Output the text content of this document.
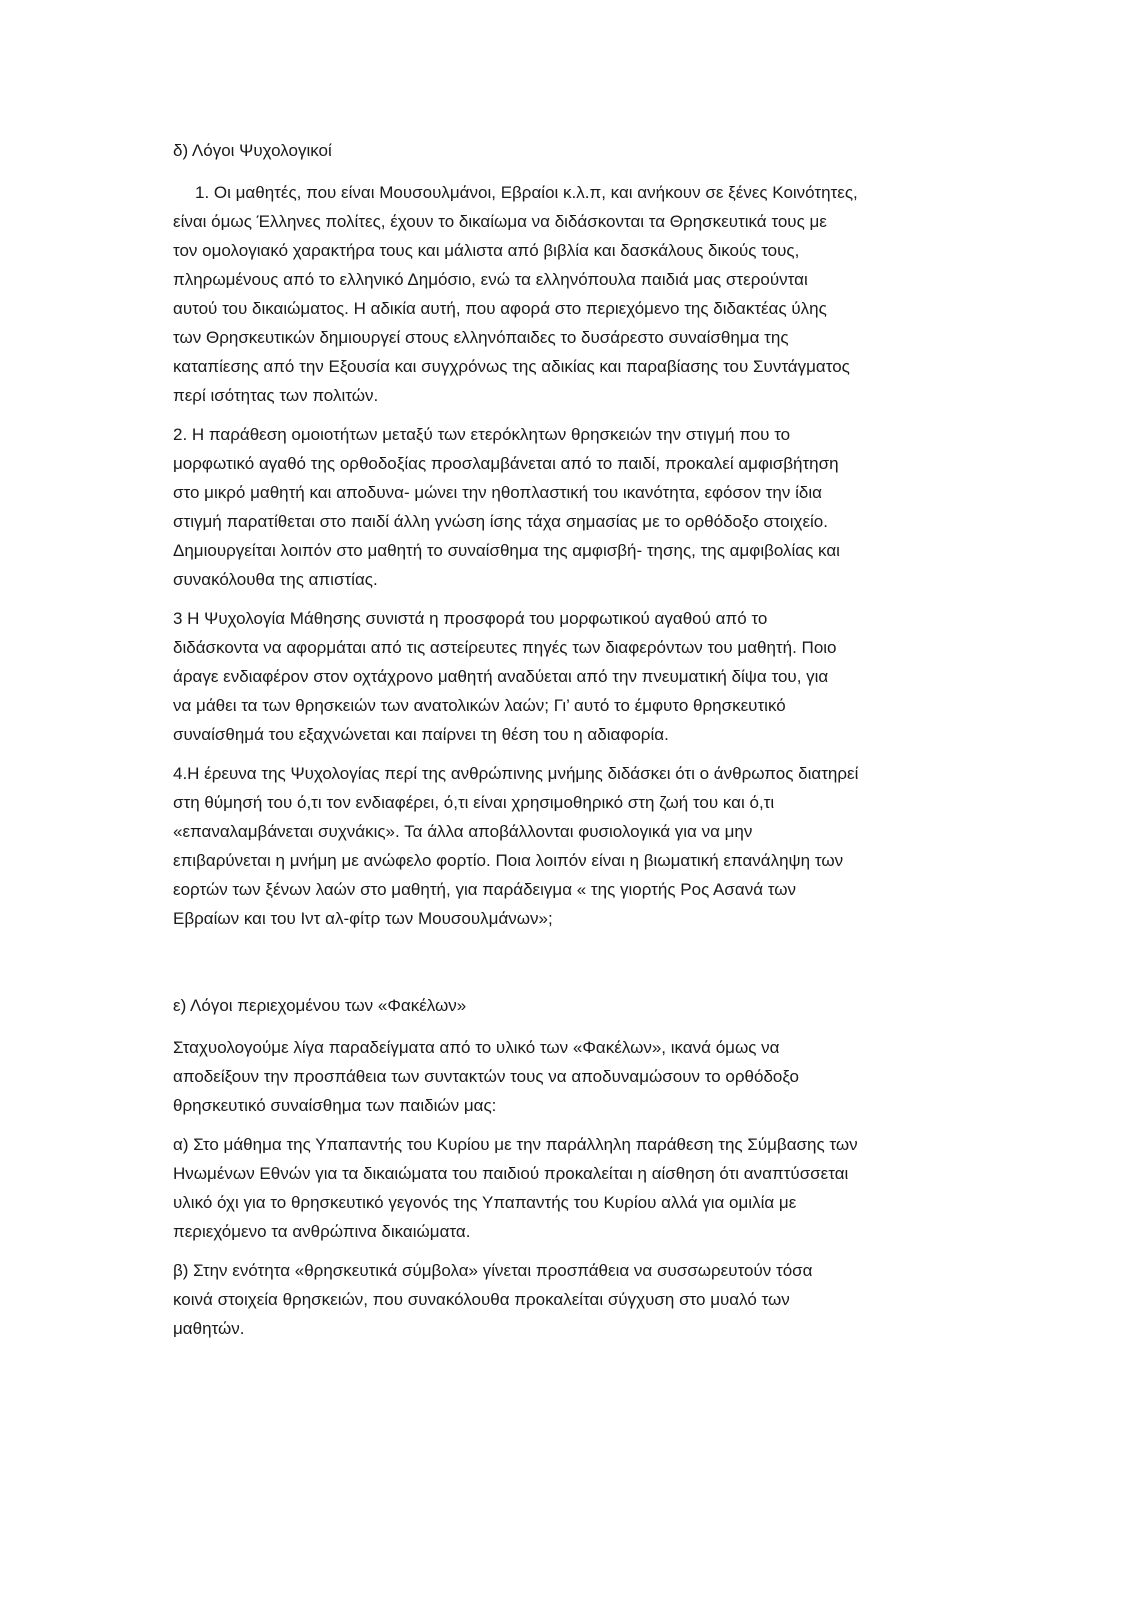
δ) Λόγοι Ψυχολογικοί

1. Οι μαθητές, που είναι Μουσουλμάνοι, Εβραίοι κ.λ.π, και ανήκουν σε ξένες Κοινότητες,
είναι όμως Έλληνες πολίτες, έχουν το δικαίωμα να διδάσκονται τα Θρησκευτικά τους με
τον ομολογιακό χαρακτήρα τους και μάλιστα από βιβλία και δασκάλους δικούς τους,
πληρωμένους από το ελληνικό Δημόσιο, ενώ τα ελληνόπουλα παιδιά μας στερούνται
αυτού του δικαιώματος. Η αδικία αυτή, που αφορά στο περιεχόμενο της διδακτέας ύλης
των Θρησκευτικών δημιουργεί στους ελληνόπαιδες το δυσάρεστο συναίσθημα της
καταπίεσης από την Εξουσία και συγχρόνως της αδικίας και παραβίασης του Συντάγματος
περί ισότητας των πολιτών.

2. Η παράθεση ομοιοτήτων μεταξύ των ετερόκλητων θρησκειών την στιγμή που το
μορφωτικό αγαθό της ορθοδοξίας προσλαμβάνεται από το παιδί, προκαλεί αμφισβήτηση
στο μικρό μαθητή και αποδυνα- μώνει την ηθοπλαστική του ικανότητα, εφόσον την ίδια
στιγμή παρατίθεται στο παιδί άλλη γνώση ίσης τάχα σημασίας με το ορθόδοξο στοιχείο.
Δημιουργείται λοιπόν στο μαθητή το συναίσθημα της αμφισβή- τησης, της αμφιβολίας και
συνακόλουθα της απιστίας.

3 Η Ψυχολογία Μάθησης συνιστά η προσφορά του μορφωτικού αγαθού από το
διδάσκοντα να αφορμάται από τις αστείρευτες πηγές των διαφερόντων του μαθητή. Ποιο
άραγε ενδιαφέρον στον οχτάχρονο μαθητή αναδύεται από την πνευματική δίψα του, για
να μάθει τα των θρησκειών των ανατολικών λαών; Γι’ αυτό το έμφυτο θρησκευτικό
συναίσθημά του εξαχνώνεται και παίρνει τη θέση του η αδιαφορία.

4.Η έρευνα της Ψυχολογίας περί της ανθρώπινης μνήμης διδάσκει ότι ο άνθρωπος διατηρεί
στη θύμησή του ό,τι τον ενδιαφέρει, ό,τι είναι χρησιμοθηρικό στη ζωή του και ό,τι
«επαναλαμβάνεται συχνάκις». Τα άλλα αποβάλλονται φυσιολογικά για να μην
επιβαρύνεται η μνήμη με ανώφελο φορτίο. Ποια λοιπόν είναι η βιωματική επανάληψη των
εορτών των ξένων λαών στο μαθητή, για παράδειγμα « της γιορτής Ρος Ασανά των
Εβραίων και του Ιντ αλ-φίτρ των Μουσουλμάνων»;

ε) Λόγοι περιεχομένου των «Φακέλων»

Σταχυολογούμε λίγα παραδείγματα από το υλικό των «Φακέλων», ικανά όμως να
αποδείξουν την προσπάθεια των συντακτών τους να αποδυναμώσουν το ορθόδοξο
θρησκευτικό συναίσθημα των παιδιών μας:

α) Στο μάθημα της Υπαπαντής του Κυρίου με την παράλληλη παράθεση της Σύμβασης των
Ηνωμένων Εθνών για τα δικαιώματα του παιδιού προκαλείται η αίσθηση ότι αναπτύσσεται
υλικό όχι για το θρησκευτικό γεγονός της Υπαπαντής του Κυρίου αλλά για ομιλία με
περιεχόμενο τα ανθρώπινα δικαιώματα.

β) Στην ενότητα «θρησκευτικά σύμβολα» γίνεται προσπάθεια να συσσωρευτούν τόσα
κοινά στοιχεία θρησκειών, που συνακόλουθα προκαλείται σύγχυση στο μυαλό των
μαθητών.
